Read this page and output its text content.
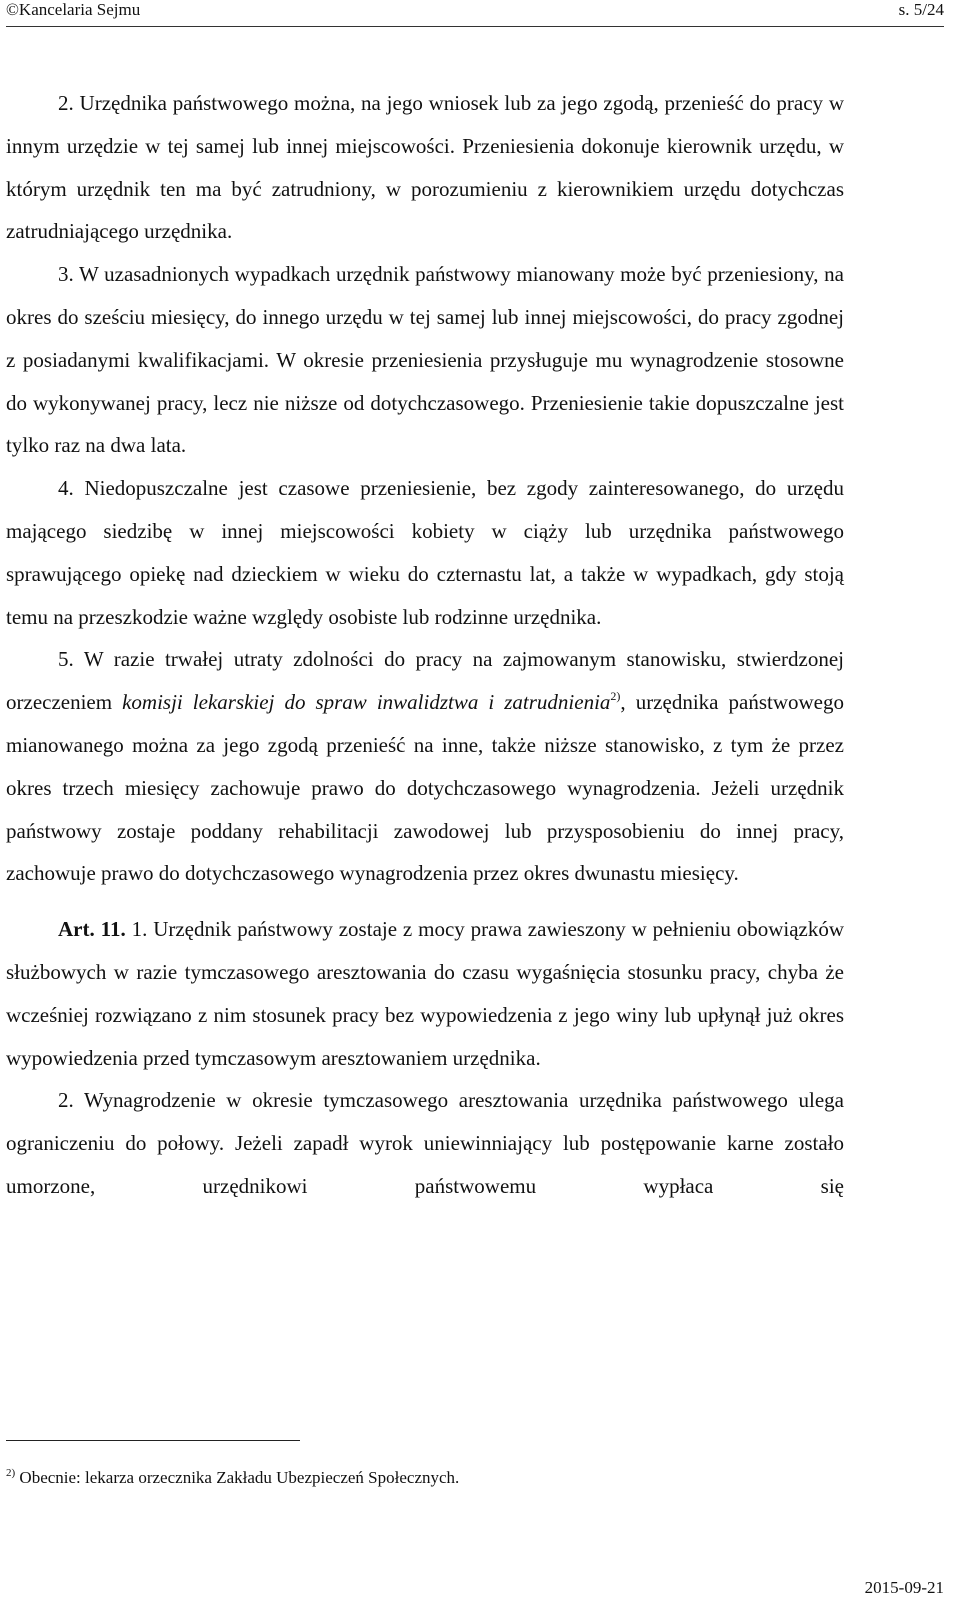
©Kancelaria Sejmu	s. 5/24

2. Urzędnika państwowego można, na jego wniosek lub za jego zgodą, przenieść do pracy w innym urzędzie w tej samej lub innej miejscowości. Przeniesienia dokonuje kierownik urzędu, w którym urzędnik ten ma być zatrudniony, w porozumieniu z kierownikiem urzędu dotychczas zatrudniającego urzędnika.

3. W uzasadnionych wypadkach urzędnik państwowy mianowany może być przeniesiony, na okres do sześciu miesięcy, do innego urzędu w tej samej lub innej miejscowości, do pracy zgodnej z posiadanymi kwalifikacjami. W okresie przeniesienia przysługuje mu wynagrodzenie stosowne do wykonywanej pracy, lecz nie niższe od dotychczasowego. Przeniesienie takie dopuszczalne jest tylko raz na dwa lata.

4. Niedopuszczalne jest czasowe przeniesienie, bez zgody zainteresowanego, do urzędu mającego siedzibę w innej miejscowości kobiety w ciąży lub urzędnika państwowego sprawującego opiekę nad dzieckiem w wieku do czternastu lat, a także w wypadkach, gdy stoją temu na przeszkodzie ważne względy osobiste lub rodzinne urzędnika.

5. W razie trwałej utraty zdolności do pracy na zajmowanym stanowisku, stwierdzonej orzeczeniem komisji lekarskiej do spraw inwalidztwa i zatrudnienia$^{2)}$, urzędnika państwowego mianowanego można za jego zgodą przenieść na inne, także niższe stanowisko, z tym że przez okres trzech miesięcy zachowuje prawo do dotychczasowego wynagrodzenia. Jeżeli urzędnik państwowy zostaje poddany rehabilitacji zawodowej lub przysposobieniu do innej pracy, zachowuje prawo do dotychczasowego wynagrodzenia przez okres dwunastu miesięcy.

Art. 11. 1. Urzędnik państwowy zostaje z mocy prawa zawieszony w pełnieniu obowiązków służbowych w razie tymczasowego aresztowania do czasu wygaśnięcia stosunku pracy, chyba że wcześniej rozwiązano z nim stosunek pracy bez wypowiedzenia z jego winy lub upłynął już okres wypowiedzenia przed tymczasowym aresztowaniem urzędnika.

2. Wynagrodzenie w okresie tymczasowego aresztowania urzędnika państwowego ulega ograniczeniu do połowy. Jeżeli zapadł wyrok uniewinniający lub postępowanie karne zostało umorzone, urzędnikowi państwowemu wypłaca się

$^{2)}$ Obecnie: lekarza orzecznika Zakładu Ubezpieczeń Społecznych.
2015-09-21
